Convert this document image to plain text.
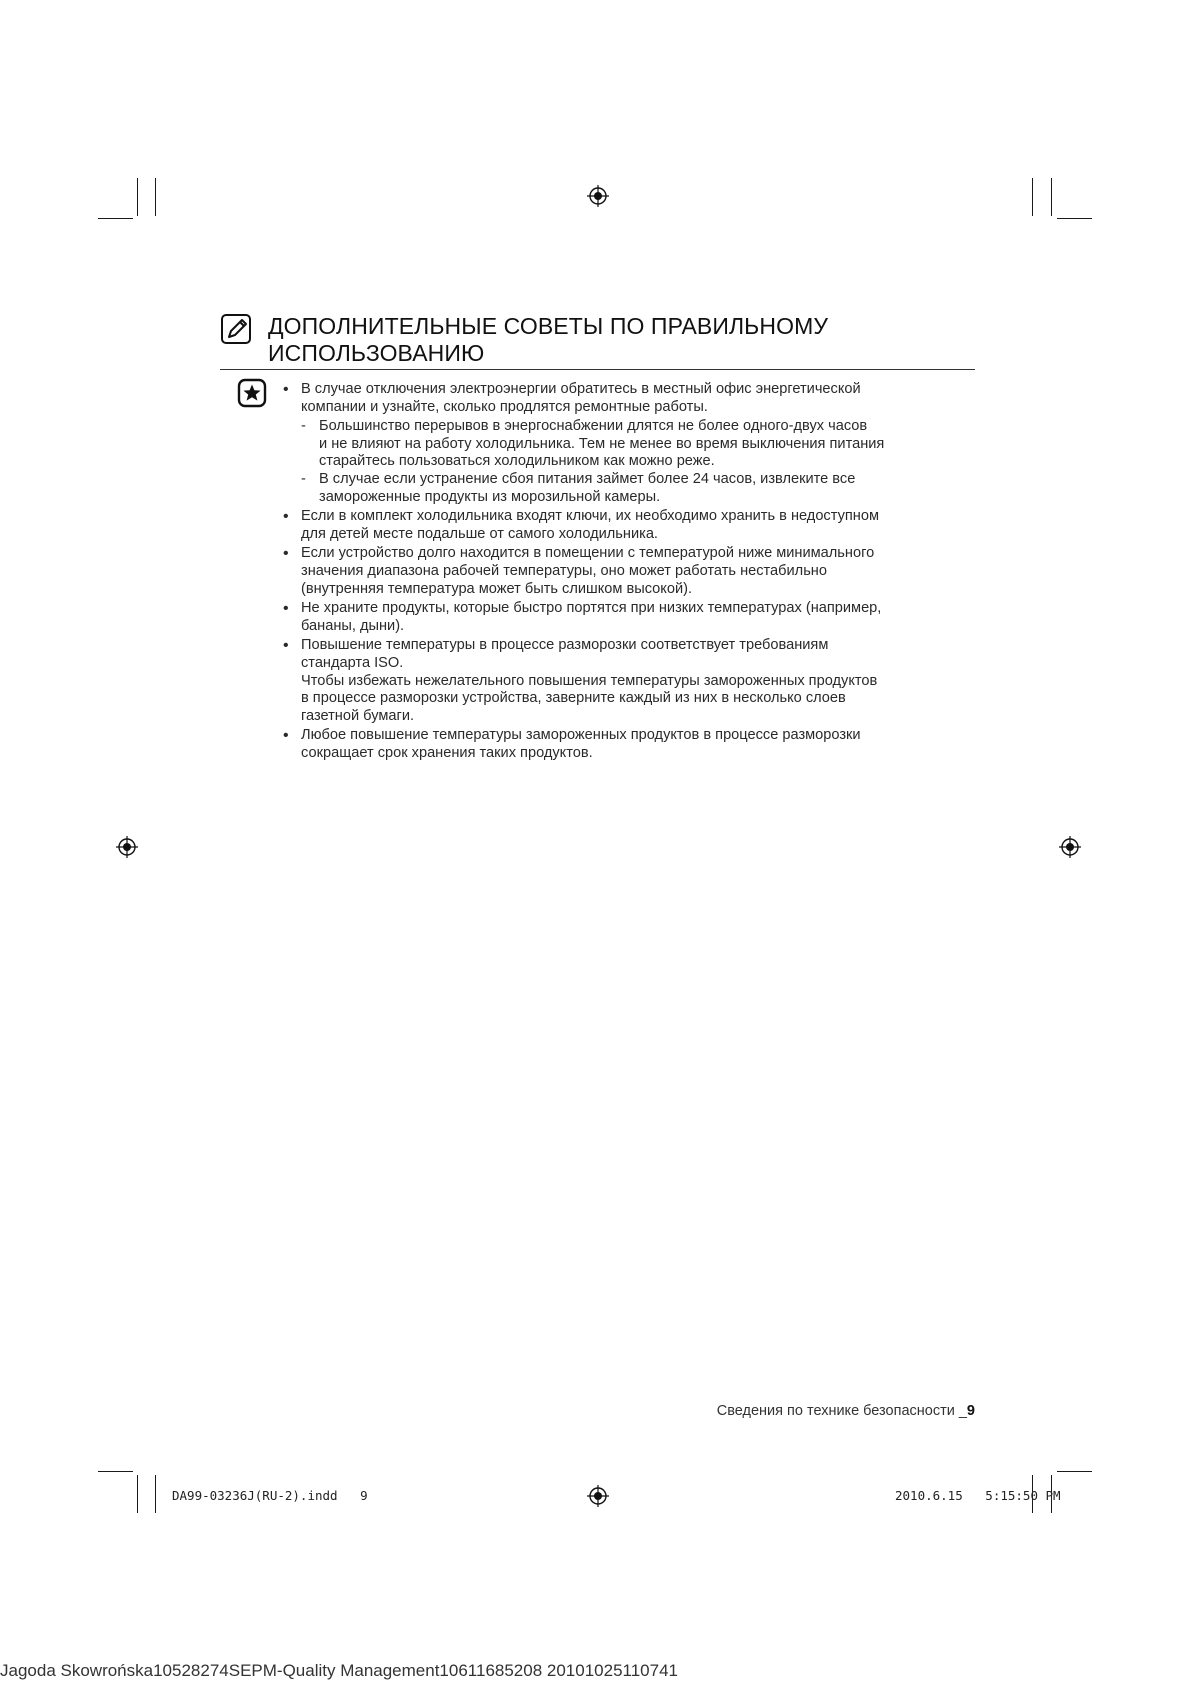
ДОПОЛНИТЕЛЬНЫЕ СОВЕТЫ ПО ПРАВИЛЬНОМУ
ИСПОЛЬЗОВАНИЮ
• В случае отключения электроэнергии обратитесь в местный офис энергетической
компании и узнайте, сколько продлятся ремонтные работы.
- Большинство перерывов в энергоснабжении длятся не более одного-двух часов
и не влияют на работу холодильника. Тем не менее во время выключения питания
старайтесь пользоваться холодильником как можно реже.
- В случае если устранение сбоя питания займет более 24 часов, извлеките все
замороженные продукты из морозильной камеры.
• Если в комплект холодильника входят ключи, их необходимо хранить в недоступном
для детей месте подальше от самого холодильника.
• Если устройство долго находится в помещении с температурой ниже минимального
значения диапазона рабочей температуры, оно может работать нестабильно
(внутренняя температура может быть слишком высокой).
• Не храните продукты, которые быстро портятся при низких температурах (например,
бананы, дыни).
• Повышение температуры в процессе разморозки соответствует требованиям
стандарта ISO.
Чтобы избежать нежелательного повышения температуры замороженных продуктов
в процессе разморозки устройства, заверните каждый из них в несколько слоев
газетной бумаги.
• Любое повышение температуры замороженных продуктов в процессе разморозки
сокращает срок хранения таких продуктов.
Сведения по технике безопасности _9
DA99-03236J(RU-2).indd   9	2010.6.15   5:15:50 PM
Jagoda Skowrońska10528274SEPM-Quality Management10611685208 20101025110741
